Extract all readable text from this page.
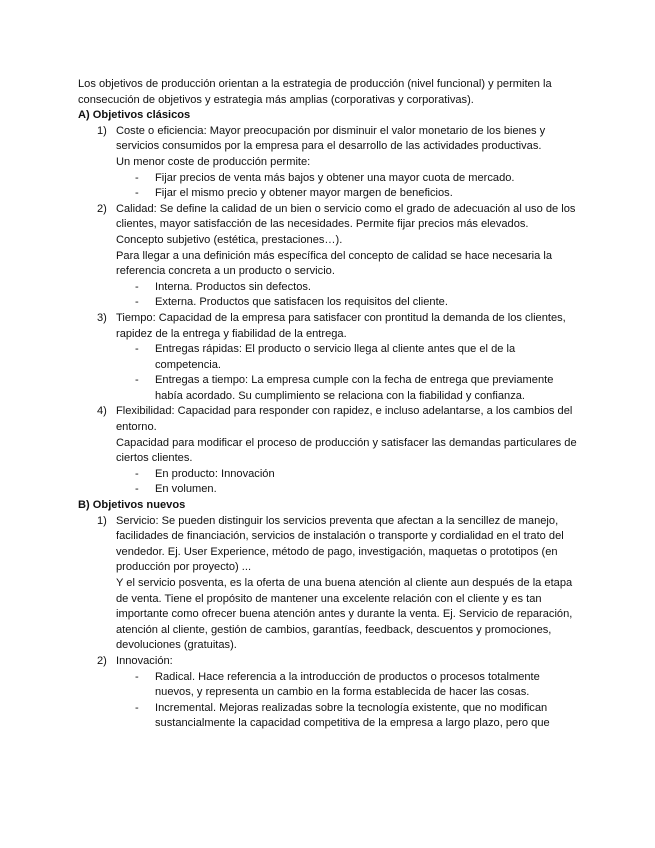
Los objetivos de producción orientan a la estrategia de producción (nivel funcional) y permiten la consecución de objetivos y estrategia más amplias (corporativas y corporativas).

A) Objetivos clásicos

1) Coste o eficiencia: Mayor preocupación por disminuir el valor monetario de los bienes y servicios consumidos por la empresa para el desarrollo de las actividades productivas.

Un menor coste de producción permite:

- Fijar precios de venta más bajos y obtener una mayor cuota de mercado.
- Fijar el mismo precio y obtener mayor margen de beneficios.
2) Calidad: Se define la calidad de un bien o servicio como el grado de adecuación al uso de los clientes, mayor satisfacción de las necesidades. Permite fijar precios más elevados.

Concepto subjetivo (estética, prestaciones…).

Para llegar a una definición más específica del concepto de calidad se hace necesaria la referencia concreta a un producto o servicio.

- Interna. Productos sin defectos.
- Externa. Productos que satisfacen los requisitos del cliente.
3) Tiempo: Capacidad de la empresa para satisfacer con prontitud la demanda de los clientes, rapidez de la entrega y fiabilidad de la entrega.

- Entregas rápidas: El producto o servicio llega al cliente antes que el de la competencia.
- Entregas a tiempo: La empresa cumple con la fecha de entrega que previamente había acordado. Su cumplimiento se relaciona con la fiabilidad y confianza.
4) Flexibilidad: Capacidad para responder con rapidez, e incluso adelantarse, a los cambios del entorno.

Capacidad para modificar el proceso de producción y satisfacer las demandas particulares de ciertos clientes.

- En producto: Innovación
- En volumen.

B) Objetivos nuevos

1) Servicio: Se pueden distinguir los servicios preventa que afectan a la sencillez de manejo, facilidades de financiación, servicios de instalación o transporte y cordialidad en el trato del vendedor. Ej. User Experience, método de pago, investigación, maquetas o prototipos (en producción por proyecto) ...

Y el servicio posventa, es la oferta de una buena atención al cliente aun después de la etapa de venta. Tiene el propósito de mantener una excelente relación con el cliente y es tan importante como ofrecer buena atención antes y durante la venta. Ej. Servicio de reparación, atención al cliente, gestión de cambios, garantías, feedback, descuentos y promociones, devoluciones (gratuitas).

2) Innovación:

- Radical. Hace referencia a la introducción de productos o procesos totalmente nuevos, y representa un cambio en la forma establecida de hacer las cosas.
- Incremental. Mejoras realizadas sobre la tecnología existente, que no modifican sustancialmente la capacidad competitiva de la empresa a largo plazo, pero que
